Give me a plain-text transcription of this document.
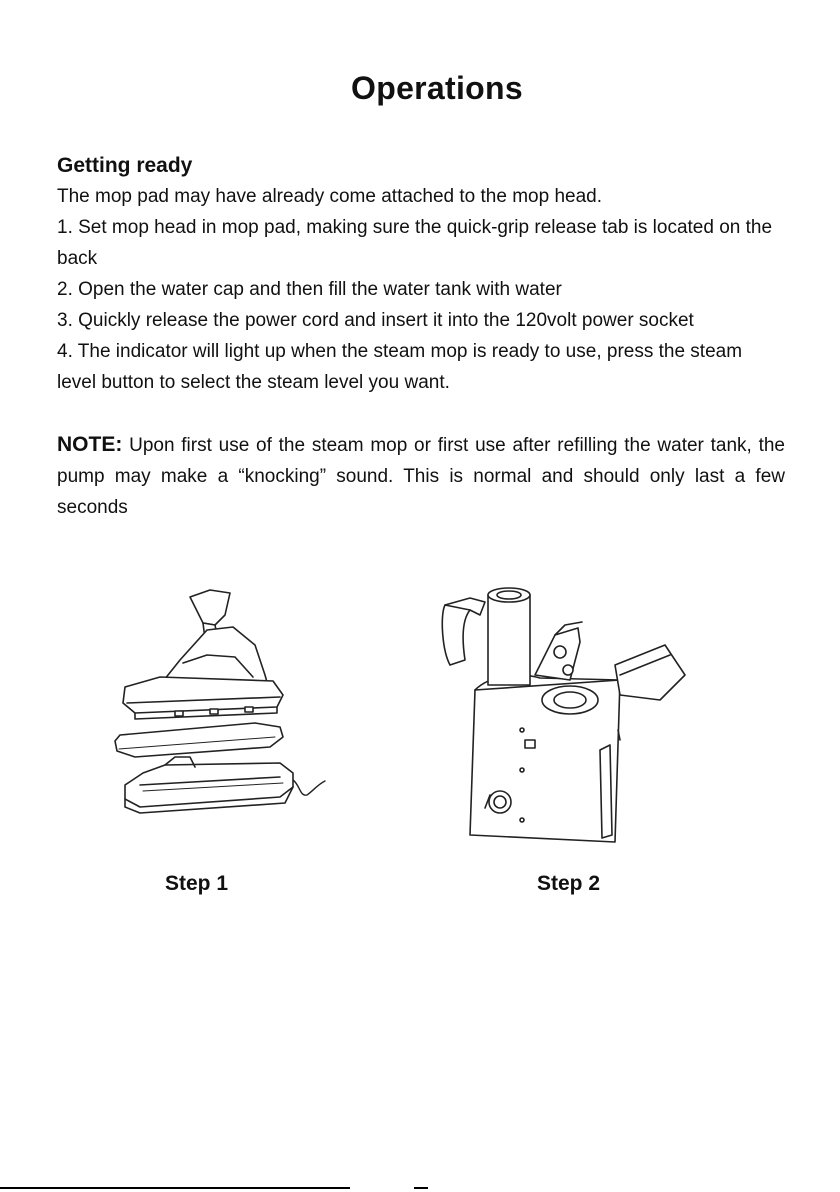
Operations

Getting ready

The mop pad may have already come attached to the mop head.

1. Set mop head in mop pad, making sure the quick-grip release tab is located on the back

2. Open the water cap and then fill the water tank with water

3. Quickly release the power cord and insert it into the 120volt power socket

4. The indicator will light up when the steam mop is ready to use, press the steam level button to select the steam level you want.

NOTE: Upon first use of the steam mop or first use after refilling the water tank, the pump may make a “knocking” sound. This is normal and should only last a few seconds

Step 1	Step 2
